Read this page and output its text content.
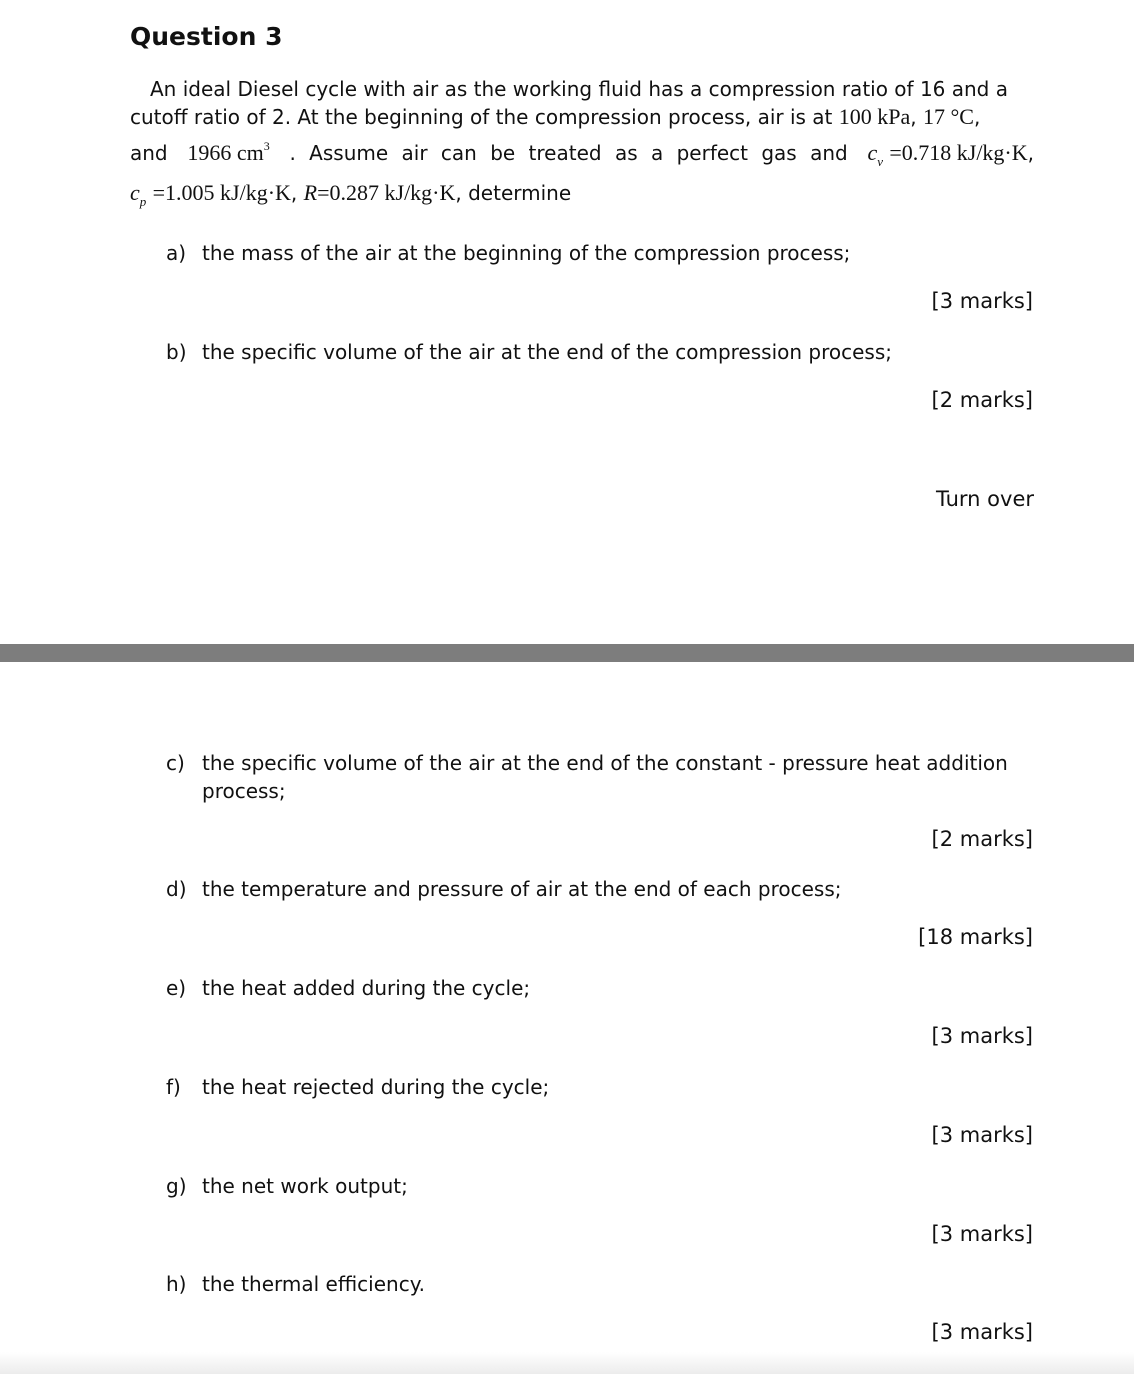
Question 3
An ideal Diesel cycle with air as the working fluid has a compression ratio of 16 and a
cutoff ratio of 2. At the beginning of the compression process, air is at 100 kPa, 17 °C,
and 1966 $cm^3$ . Assume air can be treated as a perfect gas and $c_v =0.718$ kJ/kg·K,
$c_p =1.005$ kJ/kg·K, R=0.287 kJ/kg·K, determine
a) the mass of the air at the beginning of the compression process;
[3 marks]
b) the specific volume of the air at the end of the compression process;
[2 marks]
Turn over
c) the specific volume of the air at the end of the constant - pressure heat addition
process;
[2 marks]
d) the temperature and pressure of air at the end of each process;
[18 marks]
e) the heat added during the cycle;
[3 marks]
f) the heat rejected during the cycle;
[3 marks]
g) the net work output;
[3 marks]
h) the thermal efficiency.
[3 marks]
